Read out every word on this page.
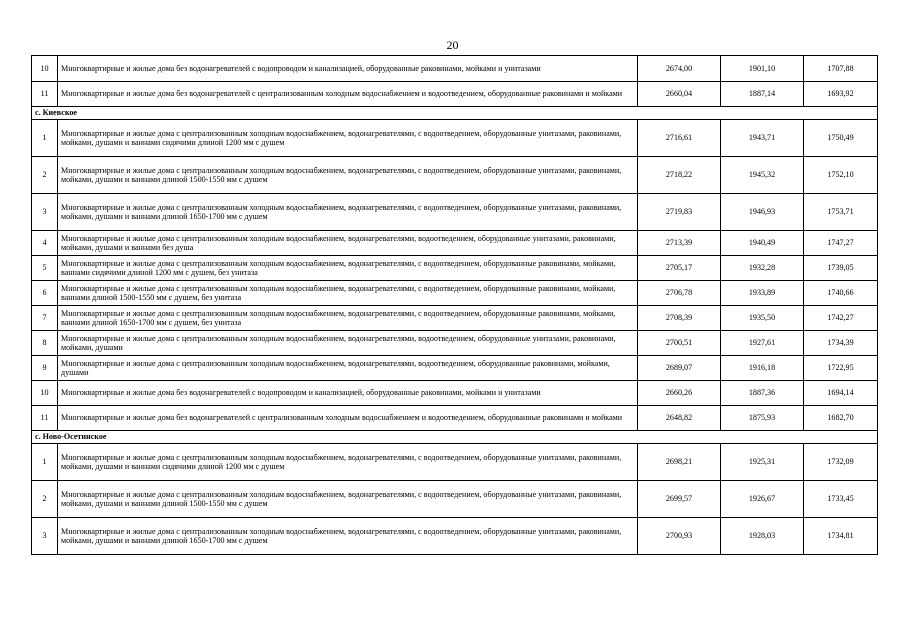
20
10	Многоквартирные и жилые дома без водонагревателей с водопроводом и канализацией, оборудованные раковинами, мойками и унитазами	2674,00	1901,10	1707,88
11	Многоквартирные и жилые дома без водонагревателей с централизованным холодным водоснабжением и водоотведением, оборудованные раковинами и мойками	2660,04	1887,14	1693,92
с. Киевское				
1	Многоквартирные и жилые дома с централизованным холодным водоснабжением, водонагревателями, с водоотведением, оборудованные унитазами, раковинами, мойками, душами и ваннами сидячими длиной 1200 мм с душем	2716,61	1943,71	1750,49
2	Многоквартирные и жилые дома с централизованным холодным водоснабжением, водонагревателями, с водоотведением, оборудованные унитазами, раковинами, мойками, душами и ваннами длиной 1500-1550 мм с душем	2718,22	1945,32	1752,10
3	Многоквартирные и жилые дома с централизованным холодным водоснабжением, водонагревателями, с водоотведением, оборудованные унитазами, раковинами, мойками, душами и ваннами длиной 1650-1700 мм с душем	2719,83	1946,93	1753,71
4	Многоквартирные и жилые дома с централизованным холодным водоснабжением, водонагревателями, водоотведением, оборудованные унитазами, раковинами, мойками, душами и ваннами без душа	2713,39	1940,49	1747,27
5	Многоквартирные и жилые дома с централизованным холодным водоснабжением, водонагревателями, с водоотведением, оборудованные раковинами, мойками, ваннами сидячими длиной 1200 мм с душем, без унитаза	2705,17	1932,28	1739,05
6	Многоквартирные и жилые дома с централизованным холодным водоснабжением, водонагревателями, с водоотведением, оборудованные раковинами, мойками, ваннами длиной 1500-1550 мм с душем, без унитаза	2706,78	1933,89	1740,66
7	Многоквартирные и жилые дома с централизованным холодным водоснабжением, водонагревателями, с водоотведением, оборудованные раковинами, мойками, ваннами длиной 1650-1700 мм с душем, без унитаза	2708,39	1935,50	1742,27
8	Многоквартирные и жилые дома с централизованным холодным водоснабжением, водонагревателями, водоотведением, оборудованные унитазами, раковинами, мойками, душами	2700,51	1927,61	1734,39
9	Многоквартирные и жилые дома с централизованным холодным водоснабжением, водонагревателями, водоотведением, оборудованные раковинами, мойками, душами	2689,07	1916,18	1722,95
10	Многоквартирные и жилые дома без водонагревателей с водопроводом и канализацией, оборудованные раковинами, мойками и унитазами	2660,26	1887,36	1694,14
11	Многоквартирные и жилые дома без водонагревателей с централизованным холодным водоснабжением и водоотведением, оборудованные раковинами и мойками	2648,82	1875,93	1682,70
с. Ново-Осетинское				
1	Многоквартирные и жилые дома с централизованным холодным водоснабжением, водонагревателями, с водоотведением, оборудованные унитазами, раковинами, мойками, душами и ваннами сидячими длиной 1200 мм с душем	2698,21	1925,31	1732,09
2	Многоквартирные и жилые дома с централизованным холодным водоснабжением, водонагревателями, с водоотведением, оборудованные унитазами, раковинами, мойками, душами и ваннами длиной 1500-1550 мм с душем	2699,57	1926,67	1733,45
3	Многоквартирные и жилые дома с централизованным холодным водоснабжением, водонагревателями, с водоотведением, оборудованные унитазами, раковинами, мойками, душами и ваннами длиной 1650-1700 мм с душем	2700,93	1928,03	1734,81
